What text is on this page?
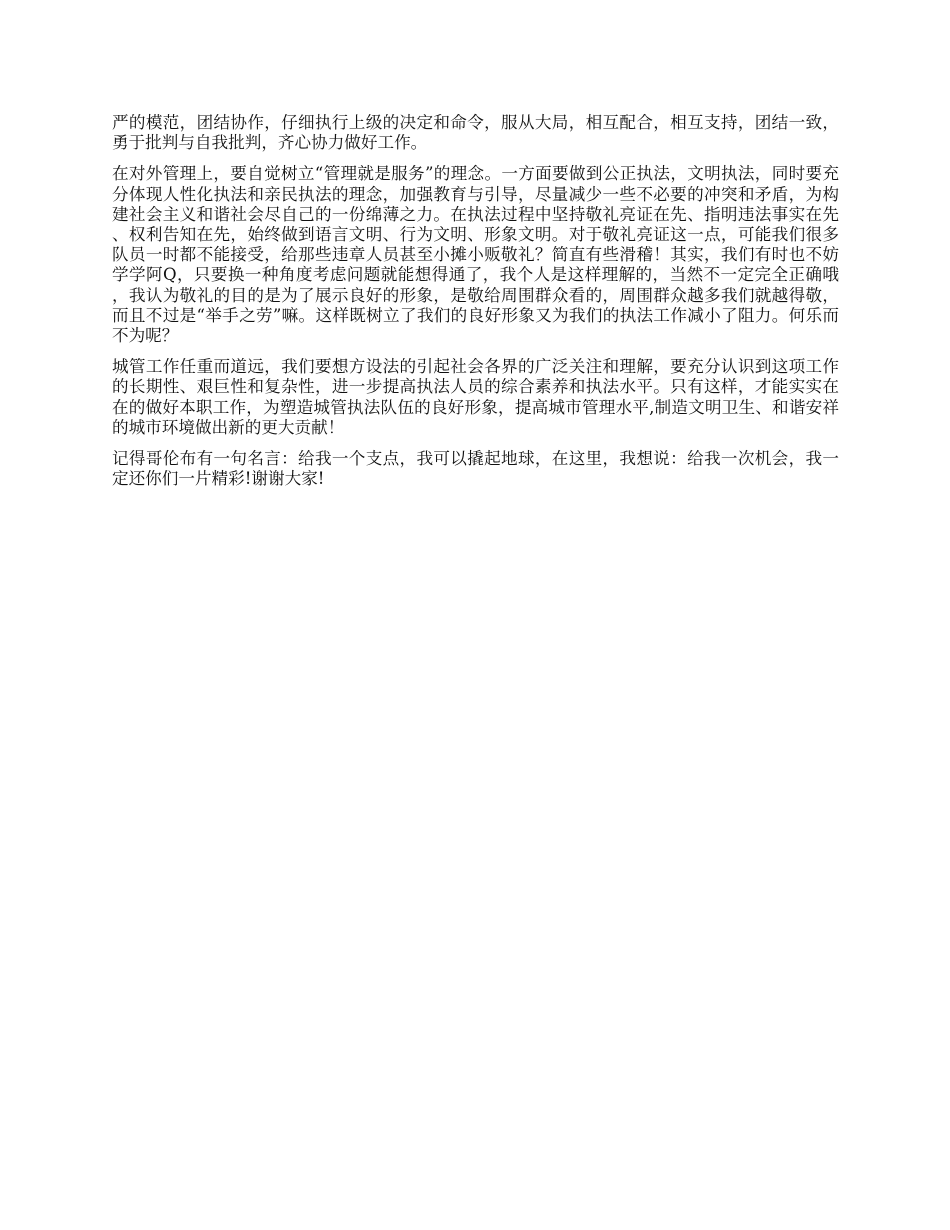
严的模范，团结协作，仔细执行上级的决定和命令，服从大局，相互配合，相互支持，团结一致，勇于批判与自我批判，齐心协力做好工作。

在对外管理上，要自觉树立“管理就是服务”的理念。一方面要做到公正执法，文明执法，同时要充分体现人性化执法和亲民执法的理念，加强教育与引导，尽量减少一些不必要的冲突和矛盾，为构建社会主义和谐社会尽自己的一份绵薄之力。在执法过程中坚持敬礼亮证在先、指明违法事实在先、权利告知在先，始终做到语言文明、行为文明、形象文明。对于敬礼亮证这一点，可能我们很多队员一时都不能接受，给那些违章人员甚至小摊小贩敬礼？简直有些滑稽！其实，我们有时也不妨学学阿Q，只要换一种角度考虑问题就能想得通了，我个人是这样理解的，当然不一定完全正确哦，我认为敬礼的目的是为了展示良好的形象，是敬给周围群众看的，周围群众越多我们就越得敬，而且不过是“举手之劳”嘛。这样既树立了我们的良好形象又为我们的执法工作减小了阻力。何乐而不为呢？

城管工作任重而道远，我们要想方设法的引起社会各界的广泛关注和理解，要充分认识到这项工作的长期性、艰巨性和复杂性，进一步提高执法人员的综合素养和执法水平。只有这样，才能实实在在的做好本职工作，为塑造城管执法队伍的良好形象，提高城市管理水平,制造文明卫生、和谐安祥的城市环境做出新的更大贡献！

记得哥伦布有一句名言：给我一个支点，我可以撬起地球，在这里，我想说：给我一次机会，我一定还你们一片精彩!谢谢大家!
